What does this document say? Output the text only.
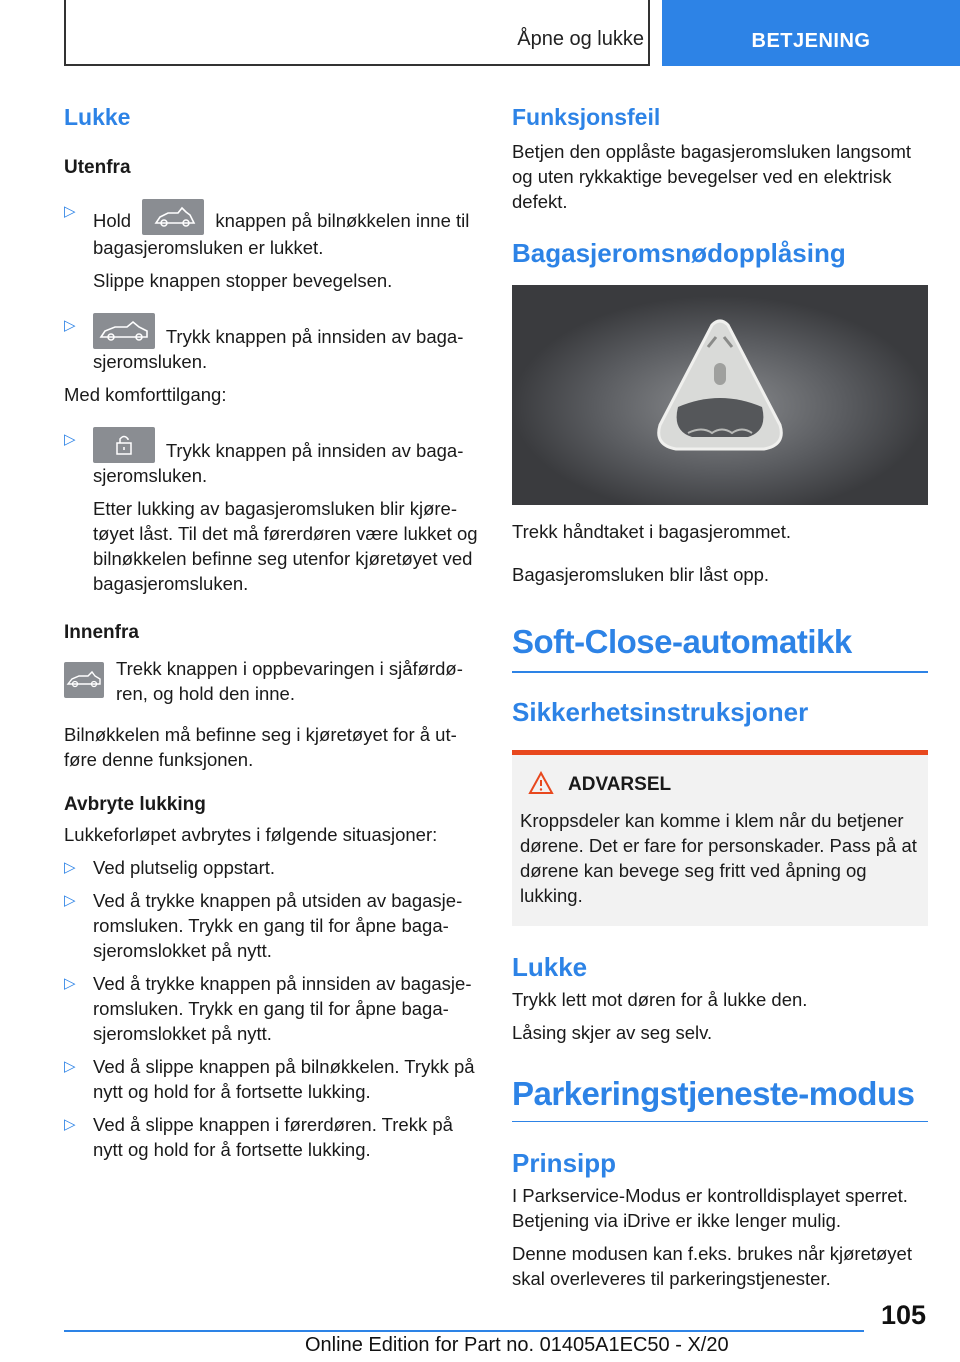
Åpne og lukke	BETJENING
Lukke
Utenfra
▷ Hold	knappen på bilnøkkelen inne til bagasjeromsluken er lukket.
Slippe knappen stopper bevegelsen.
▷
Trykk knappen på innsiden av baga-sjeromsluken.
Med komforttilgang:
▷
Trykk knappen på innsiden av baga-sjeromsluken.
Etter lukking av bagasjeromsluken blir kjøre-tøyet låst. Til det må førerdøren være lukket og bilnøkkelen befinne seg utenfor kjøretøyet ved bagasjeromsluken.
Innenfra
Trekk knappen i oppbevaringen i sjåførdø-ren, og hold den inne.
Bilnøkkelen må befinne seg i kjøretøyet for å ut-føre denne funksjonen.
Avbryte lukking
Lukkeforløpet avbrytes i følgende situasjoner:
▷ Ved plutselig oppstart.
▷ Ved å trykke knappen på utsiden av bagasje-romsluken. Trykk en gang til for åpne baga-sjeromslokket på nytt.
▷ Ved å trykke knappen på innsiden av bagasje-romsluken. Trykk en gang til for åpne baga-sjeromslokket på nytt.
▷ Ved å slippe knappen på bilnøkkelen. Trykk på nytt og hold for å fortsette lukking.
▷ Ved å slippe knappen i førerdøren. Trekk på nytt og hold for å fortsette lukking.
Funksjonsfeil
Betjen den opplåste bagasjeromsluken langsomt og uten rykkaktige bevegelser ved en elektrisk defekt.
Bagasjeromsnødopplåsing
Trekk håndtaket i bagasjerommet.
Bagasjeromsluken blir låst opp.
Soft-Close-automatikk
Sikkerhetsinstruksjoner
ADVARSEL
Kroppsdeler kan komme i klem når du betjener dørene. Det er fare for personskader. Pass på at dørene kan bevege seg fritt ved åpning og lukking.
Lukke
Trykk lett mot døren for å lukke den.
Låsing skjer av seg selv.
Parkeringstjeneste-modus
Prinsipp
I Parkservice-Modus er kontrolldisplayet sperret. Betjening via iDrive er ikke lenger mulig.
Denne modusen kan f.eks. brukes når kjøretøyet skal overleveres til parkeringstjenester.
105
Online Edition for Part no. 01405A1EC50 - X/20
